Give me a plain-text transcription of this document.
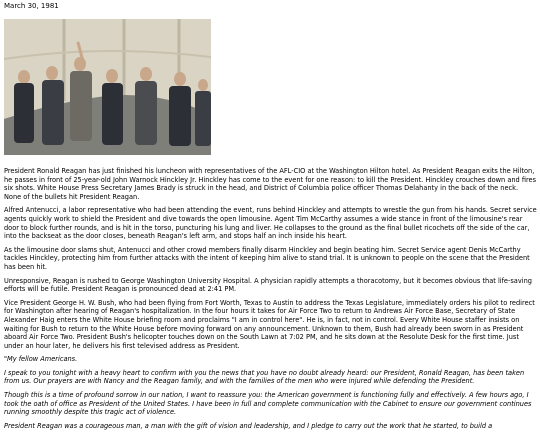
March 30, 1981

President Ronald Reagan has just finished his luncheon with representatives of the AFL-CIO at the Washington Hilton hotel. As President Reagan exits the Hilton, he passes in front of 25-year-old John Warnock Hinckley Jr. Hinckley has come to the event for one reason: to kill the President. Hinckley crouches down and fires six shots. White House Press Secretary James Brady is struck in the head, and District of Columbia police officer Thomas Delahanty in the back of the neck. None of the bullets hit President Reagan.

Alfred Antenucci, a labor representative who had been attending the event, runs behind Hinckley and attempts to wrestle the gun from his hands. Secret service agents quickly work to shield the President and dive towards the open limousine. Agent Tim McCarthy assumes a wide stance in front of the limousine's rear door to block further rounds, and is hit in the torso, puncturing his lung and liver. He collapses to the ground as the final bullet ricochets off the side of the car, into the backseat as the door closes, beneath Reagan's left arm, and stops half an inch inside his heart.

As the limousine door slams shut, Antenucci and other crowd members finally disarm Hinckley and begin beating him. Secret Service agent Denis McCarthy tackles Hinckley, protecting him from further attacks with the intent of keeping him alive to stand trial. It is unknown to people on the scene that the President has been hit.

Unresponsive, Reagan is rushed to George Washington University Hospital. A physician rapidly attempts a thoracotomy, but it becomes obvious that life-saving efforts will be futile. President Reagan is pronounced dead at 2:41 PM.

Vice President George H. W. Bush, who had been flying from Fort Worth, Texas to Austin to address the Texas Legislature, immediately orders his pilot to redirect for Washington after hearing of Reagan's hospitalization. In the four hours it takes for Air Force Two to return to Andrews Air Force Base, Secretary of State Alexander Haig enters the White House briefing room and proclaims "I am in control here". He is, in fact, not in control. Every White House staffer insists on waiting for Bush to return to the White House before moving forward on any announcement. Unknown to them, Bush had already been sworn in as President aboard Air Force Two. President Bush's helicopter touches down on the South Lawn at 7:02 PM, and he sits down at the Resolute Desk for the first time. Just under an hour later, he delivers his first televised address as President.

"My fellow Americans.

I speak to you tonight with a heavy heart to confirm with you the news that you have no doubt already heard: our President, Ronald Reagan, has been taken from us. Our prayers are with Nancy and the Reagan family, and with the families of the men who were injured while defending the President.

Though this is a time of profound sorrow in our nation, I want to reassure you: the American government is functioning fully and effectively. A few hours ago, I took the oath of office as President of the United States. I have been in full and complete communication with the Cabinet to ensure our government continues running smoothly despite this tragic act of violence.

President Reagan was a courageous man, a man with the gift of vision and leadership, and I pledge to carry out the work that he started, to build a
